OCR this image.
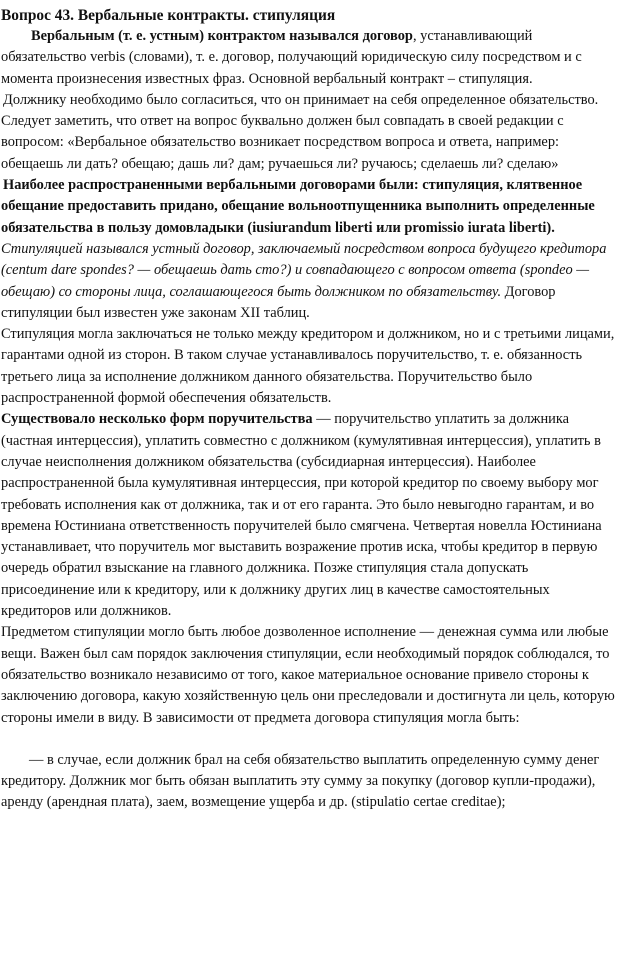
Вопрос 43. Вербальные контракты. стипуляция

Вербальным (т. е. устным) контрактом назывался договор, устанавливающий обязательство verbis (словами), т. е. договор, получающий юридическую силу посредством и с момента произнесения известных фраз. Основной вербальный контракт – стипуляция.

Должнику необходимо было согласиться, что он принимает на себя определенное обязательство. Следует заметить, что ответ на вопрос буквально должен был совпадать в своей редакции с вопросом: «Вербальное обязательство возникает посредством вопроса и ответа, например: обещаешь ли дать? обещаю; дашь ли? дам; ручаешься ли? ручаюсь; сделаешь ли? сделаю»

Наиболее распространенными вербальными договорами были: стипуляция, клятвенное обещание предоставить придано, обещание вольноотпущенника выполнить определенные обязательства в пользу домовладыки (iusiurandum liberti или promissio iurata liberti).

Стипуляцией назывался устный договор, заключаемый посредством вопроса будущего кредитора (centum dare spondes? — обещаешь дать сто?) и совпадающего с вопросом ответа (spondeo — обещаю) со стороны лица, соглашающегося быть должником по обязательству. Договор стипуляции был известен уже законам XII таблиц.

Стипуляция могла заключаться не только между кредитором и должником, но и с третьими лицами, гарантами одной из сторон. В таком случае устанавливалось поручительство, т. е. обязанность третьего лица за исполнение должником данного обязательства. Поручительство было распространенной формой обеспечения обязательств.

Существовало несколько форм поручительства — поручительство уплатить за должника (частная интерцессия), уплатить совместно с должником (кумулятивная интерцессия), уплатить в случае неисполнения должником обязательства (субсидиарная интерцессия). Наиболее распространенной была кумулятивная интерцессия, при которой кредитор по своему выбору мог требовать исполнения как от должника, так и от его гаранта. Это было невыгодно гарантам, и во времена Юстиниана ответственность поручителей было смягчена. Четвертая новелла Юстиниана устанавливает, что поручитель мог выставить возражение против иска, чтобы кредитор в первую очередь обратил взыскание на главного должника. Позже стипуляция стала допускать присоединение или к кредитору, или к должнику других лиц в качестве самостоятельных кредиторов или должников.

Предметом стипуляции могло быть любое дозволенное исполнение — денежная сумма или любые вещи. Важен был сам порядок заключения стипуляции, если необходимый порядок соблюдался, то обязательство возникало независимо от того, какое материальное основание привело стороны к заключению договора, какую хозяйственную цель они преследовали и достигнута ли цель, которую стороны имели в виду. В зависимости от предмета договора стипуляция могла быть:

— в случае, если должник брал на себя обязательство выплатить определенную сумму денег кредитору. Должник мог быть обязан выплатить эту сумму за покупку (договор купли-продажи), аренду (арендная плата), заем, возмещение ущерба и др. (stipulatio certae creditae);
